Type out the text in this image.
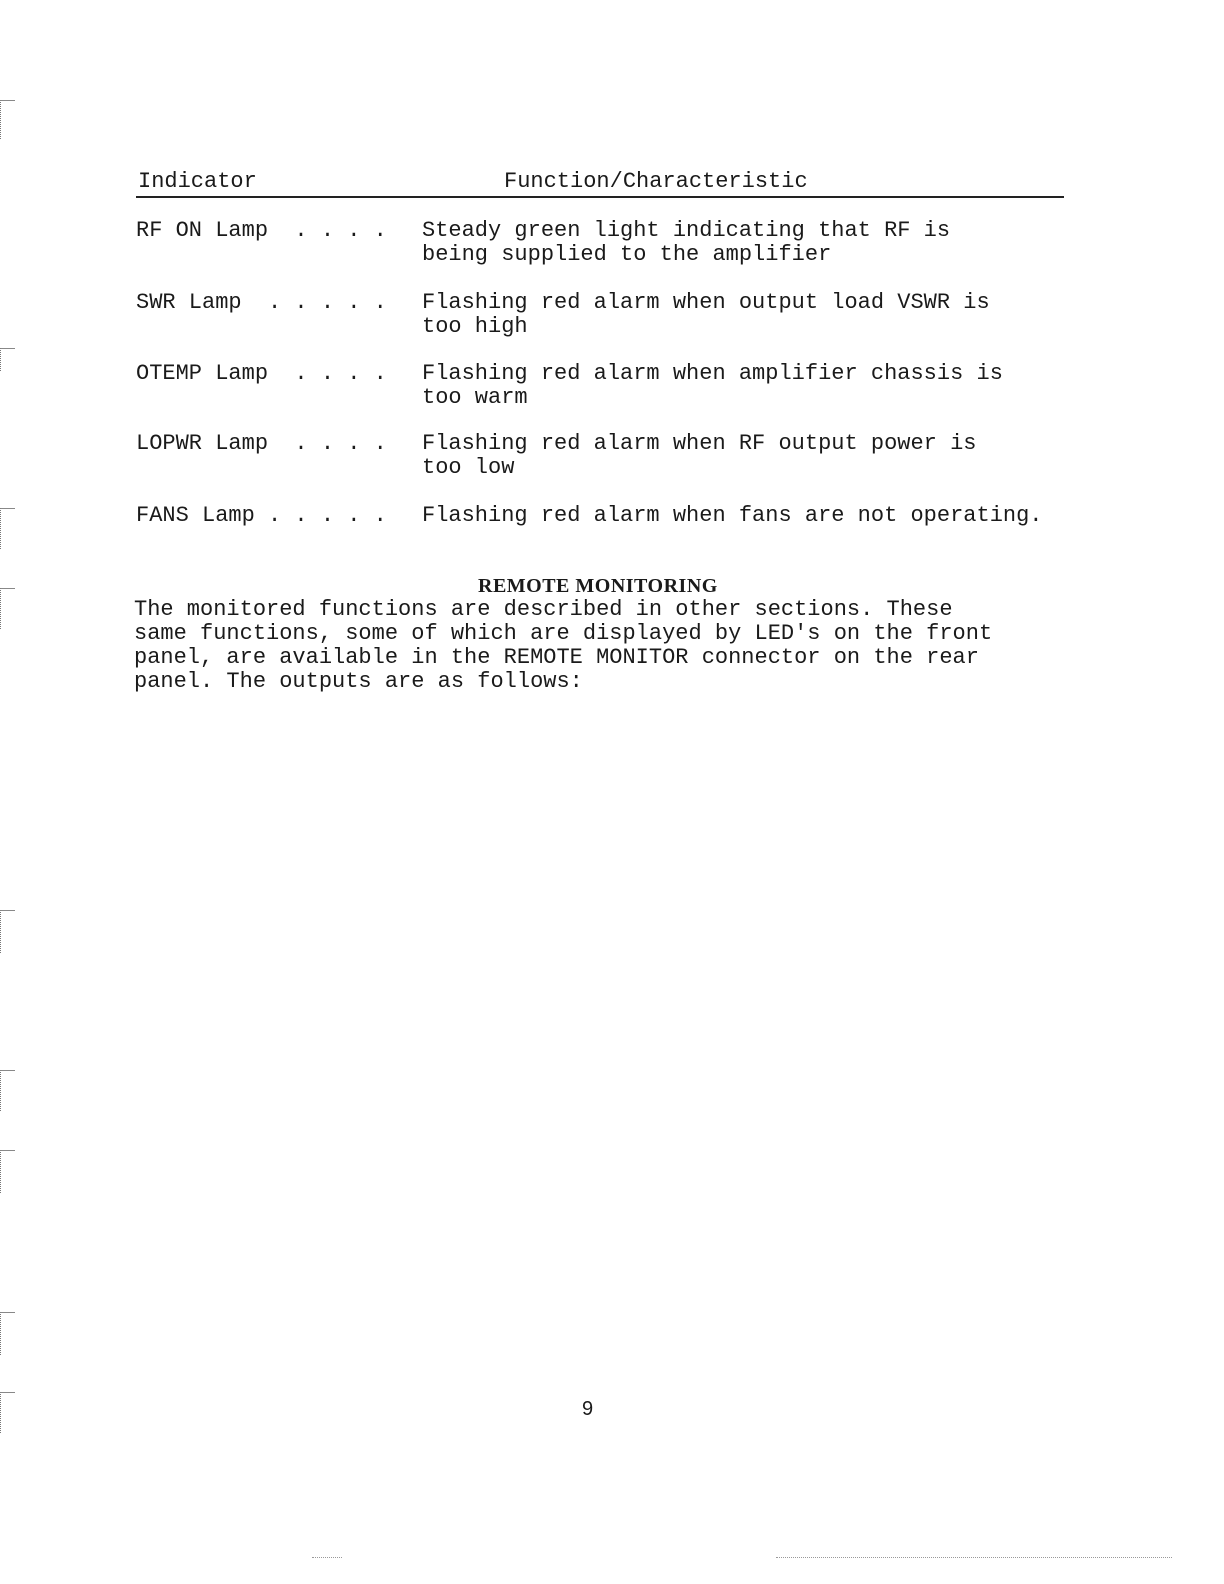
Indicator	Function/Characteristic
RF ON Lamp  . . . . Steady green light indicating that RF is
being supplied to the amplifier
SWR Lamp  . . . . . Flashing red alarm when output load VSWR is
too high
OTEMP Lamp  . . . . Flashing red alarm when amplifier chassis is
too warm
LOPWR Lamp  . . . . Flashing red alarm when RF output power is
too low
FANS Lamp . . . . . Flashing red alarm when fans are not operating.
REMOTE MONITORING
The monitored functions are described in other sections. These
same functions, some of which are displayed by LED's on the front
panel, are available in the REMOTE MONITOR connector on the rear
panel. The outputs are as follows:
9
